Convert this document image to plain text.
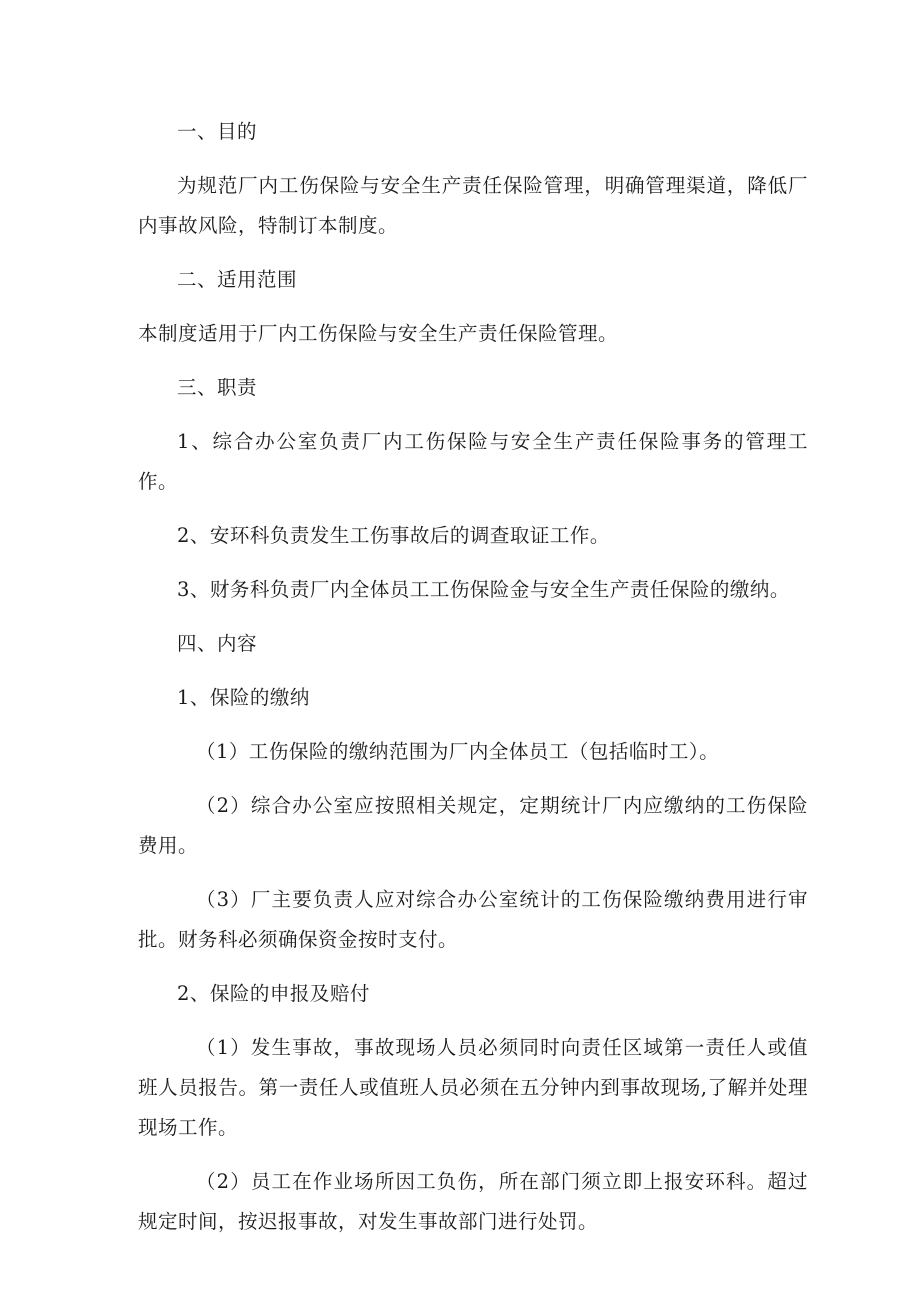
一、目的

为规范厂内工伤保险与安全生产责任保险管理，明确管理渠道，降低厂内事故风险，特制订本制度。

二、适用范围

本制度适用于厂内工伤保险与安全生产责任保险管理。

三、职责

1、综合办公室负责厂内工伤保险与安全生产责任保险事务的管理工作。

2、安环科负责发生工伤事故后的调查取证工作。

3、财务科负责厂内全体员工工伤保险金与安全生产责任保险的缴纳。

四、内容

1、保险的缴纳

（1）工伤保险的缴纳范围为厂内全体员工（包括临时工）。

（2）综合办公室应按照相关规定，定期统计厂内应缴纳的工伤保险费用。

（3）厂主要负责人应对综合办公室统计的工伤保险缴纳费用进行审批。财务科必须确保资金按时支付。

2、保险的申报及赔付

（1）发生事故，事故现场人员必须同时向责任区域第一责任人或值班人员报告。第一责任人或值班人员必须在五分钟内到事故现场,了解并处理现场工作。

（2）员工在作业场所因工负伤，所在部门须立即上报安环科。超过规定时间，按迟报事故，对发生事故部门进行处罚。
